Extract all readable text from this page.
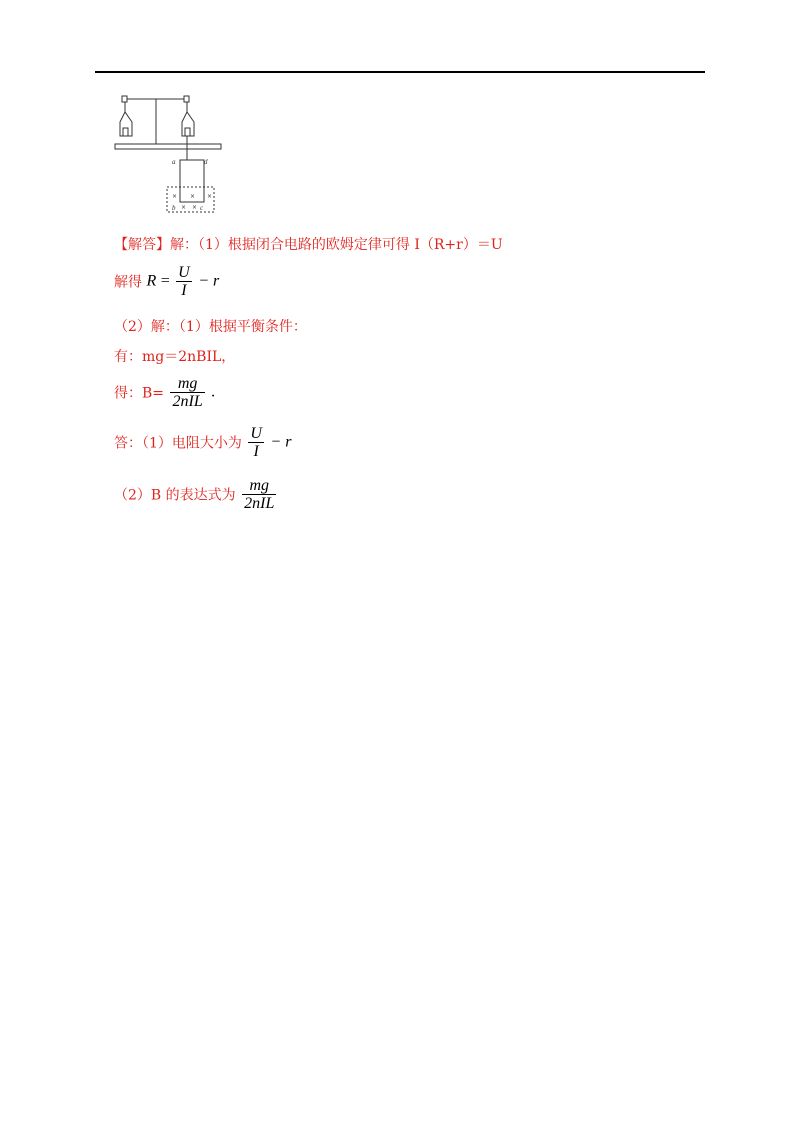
a	d
b	c
× × ×
× ×
【解答】解：（1）根据闭合电路的欧姆定律可得 I（R+r）＝U
解得 $R = \frac{U}{I} - r$
（2）解：（1）根据平衡条件：
有：mg＝2nBIL，
得：$B= \frac{mg}{\text{2nIL}}$ .
答：（1）电阻大小为 $\frac{U}{I} - r$
（2）B 的表达式为 $\frac{mg}{\text{2nIL}}$
